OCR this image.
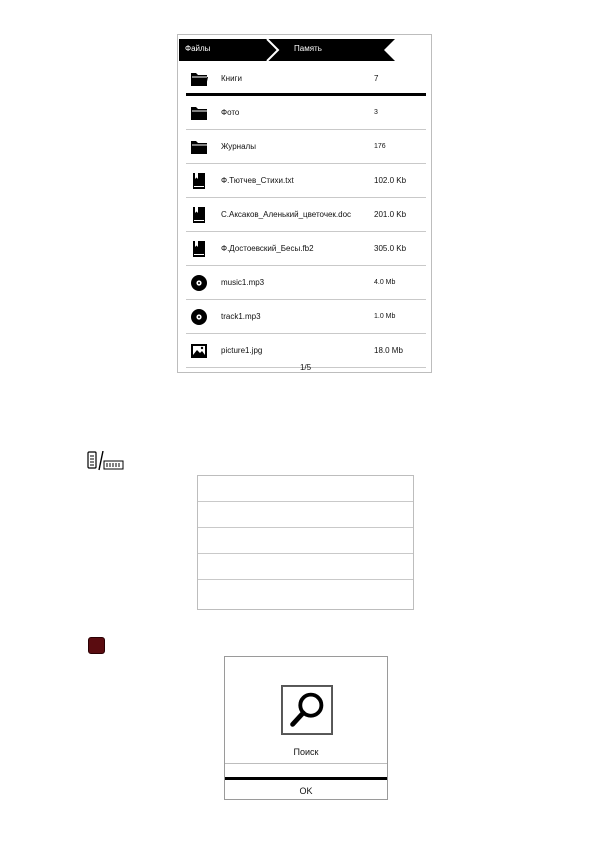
Файлы	Память
Книги	7
Фото	3
Журналы	176
Ф.Тютчев_Стихи.txt	102.0 Kb
С.Аксаков_Аленький_цветочек.doc	201.0 Kb
Ф.Достоевский_Бесы.fb2	305.0 Kb
music1.mp3	4.0 Mb
track1.mp3	1.0 Mb
picture1.jpg	18.0 Mb
1/5
Поиск
OK
